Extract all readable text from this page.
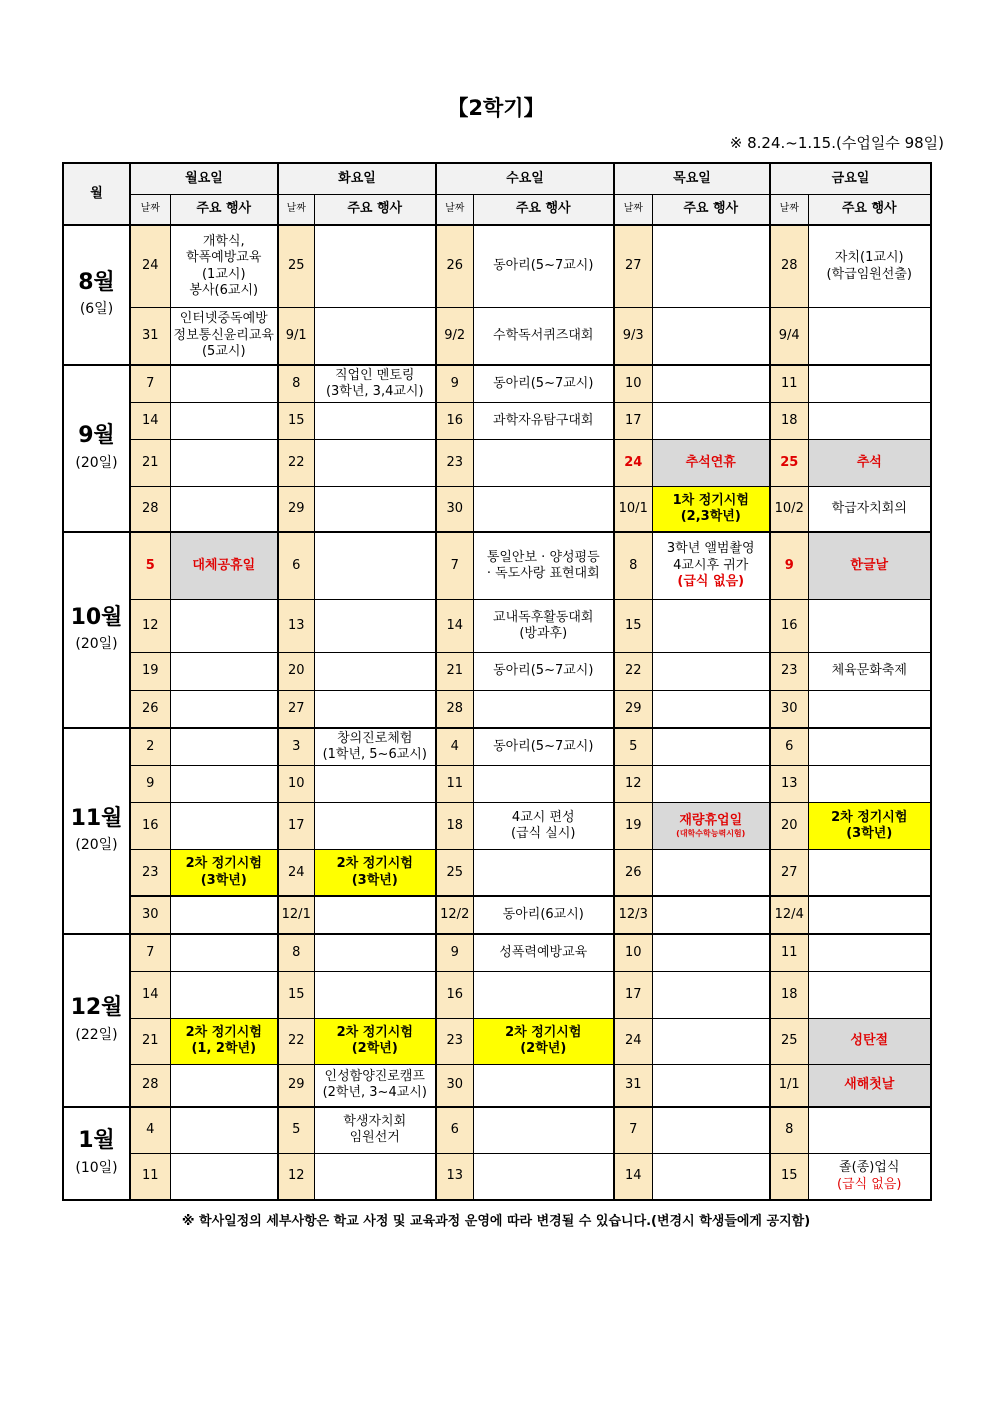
【2학기】
※ 8.24.~1.15.(수업일수 98일)
월	월요일		화요일		수요일		목요일		금요일	
	날짜	주요 행사	날짜	주요 행사	날짜	주요 행사	날짜	주요 행사	날짜	주요 행사

8월
(6일)	24	개학식,
학폭예방교육
(1교시)
봉사(6교시)	25		26	동아리(5~7교시)	27		28	자치(1교시)
(학급임원선출)
	31	인터넷중독예방
정보통신윤리교육
(5교시)	9/1		9/2	수학독서퀴즈대회	9/3		9/4	

9월
(20일)	7		8	직업인 멘토링
(3학년, 3,4교시)	9	동아리(5~7교시)	10		11	
	14		15		16	과학자유탐구대회	17		18	
	21		22		23		24	추석연휴	25	추석
	28		29		30		10/1	1차 정기시험
(2,3학년)	10/2	학급자치회의

10월
(20일)	5	대체공휴일	6		7	통일안보 · 양성평등
· 독도사랑 표현대회	8	3학년 앨범촬영
4교시후 귀가
(급식 없음)	9	한글날
	12		13		14	교내독후활동대회
(방과후)	15		16	
	19		20		21	동아리(5~7교시)	22		23	체육문화축제
	26		27		28		29		30	

11월
(20일)	2		3	창의진로체험
(1학년, 5~6교시)	4	동아리(5~7교시)	5		6	
	9		10		11		12		13	
	16		17		18	4교시 편성
(급식 실시)	19	재량휴업일
(대학수학능력시험)	20	2차 정기시험
(3학년)
	23	2차 정기시험
(3학년)	24	2차 정기시험
(3학년)	25		26		27	
	30		12/1		12/2	동아리(6교시)	12/3		12/4	

12월
(22일)	7		8		9	성폭력예방교육	10		11	
	14		15		16		17		18	
	21	2차 정기시험
(1, 2학년)	22	2차 정기시험
(2학년)	23	2차 정기시험
(2학년)	24		25	성탄절
	28		29	인성함양진로캠프
(2학년, 3~4교시)	30		31		1/1	새해첫날

1월
(10일)	4		5	학생자치회
임원선거	6		7		8	
	11		12		13		14		15	졸(종)업식
(급식 없음)
※ 학사일정의 세부사항은 학교 사정 및 교육과정 운영에 따라 변경될 수 있습니다.(변경시 학생들에게 공지함)
